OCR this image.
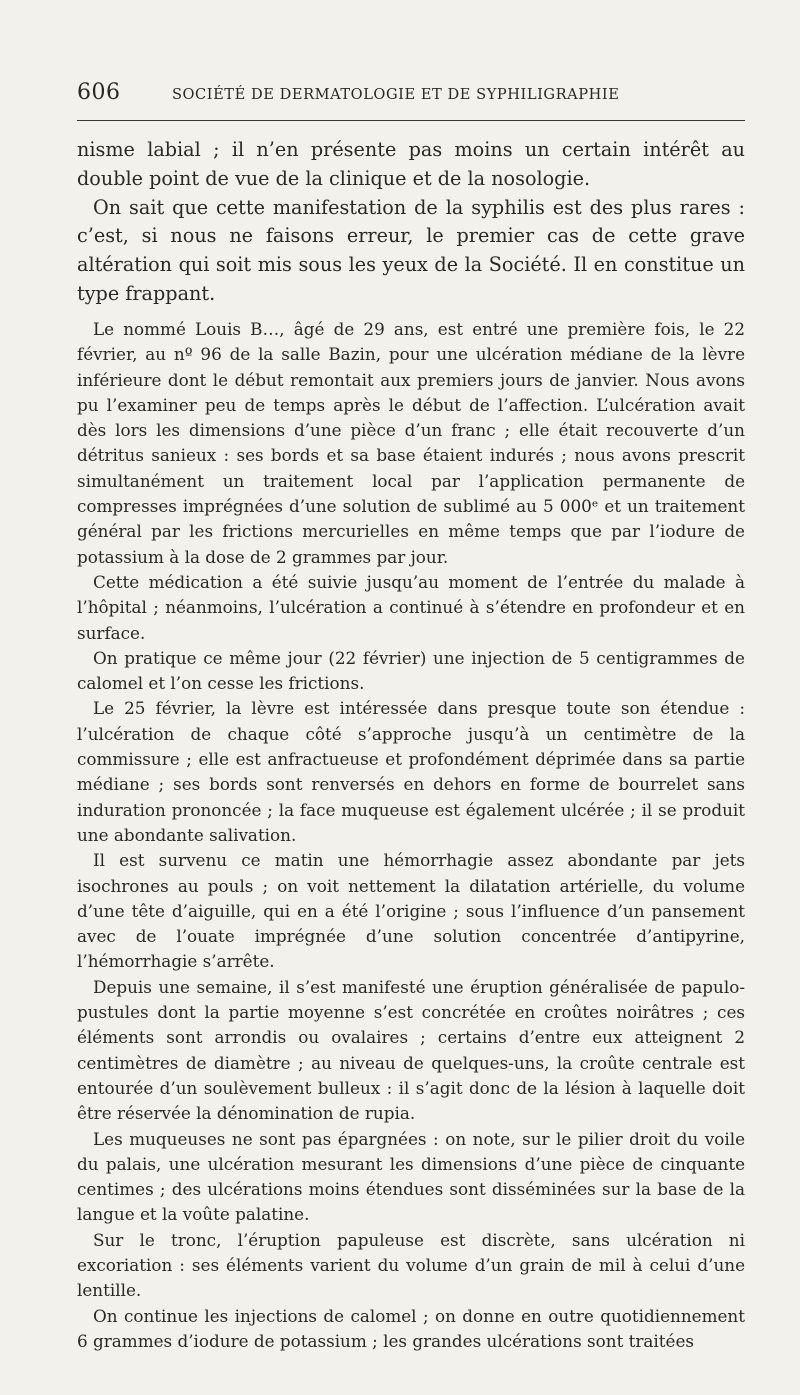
606	SOCIÉTÉ DE DERMATOLOGIE ET DE SYPHILIGRAPHIE

nisme labial ; il n’en présente pas moins un certain intérêt au double point de vue de la clinique et de la nosologie.

On sait que cette manifestation de la syphilis est des plus rares : c’est, si nous ne faisons erreur, le premier cas de cette grave altération qui soit mis sous les yeux de la Société. Il en constitue un type frappant.

Le nommé Louis B…, âgé de 29 ans, est entré une première fois, le 22 février, au nº 96 de la salle Bazin, pour une ulcération médiane de la lèvre inférieure dont le début remontait aux premiers jours de janvier. Nous avons pu l’examiner peu de temps après le début de l’affection. L’ulcération avait dès lors les dimensions d’une pièce d’un franc ; elle était recouverte d’un détritus sanieux : ses bords et sa base étaient indurés ; nous avons prescrit simultanément un traitement local par l’application permanente de compresses imprégnées d’une solution de sublimé au 5 000ᵉ et un traitement général par les frictions mercurielles en même temps que par l’iodure de potassium à la dose de 2 grammes par jour.

Cette médication a été suivie jusqu’au moment de l’entrée du malade à l’hôpital ; néanmoins, l’ulcération a continué à s’étendre en profondeur et en surface.

On pratique ce même jour (22 février) une injection de 5 centigrammes de calomel et l’on cesse les frictions.

Le 25 février, la lèvre est intéressée dans presque toute son étendue : l’ulcération de chaque côté s’approche jusqu’à un centimètre de la commissure ; elle est anfractueuse et profondément déprimée dans sa partie médiane ; ses bords sont renversés en dehors en forme de bourrelet sans induration prononcée ; la face muqueuse est également ulcérée ; il se produit une abondante salivation.

Il est survenu ce matin une hémorrhagie assez abondante par jets isochrones au pouls ; on voit nettement la dilatation artérielle, du volume d’une tête d’aiguille, qui en a été l’origine ; sous l’influence d’un pansement avec de l’ouate imprégnée d’une solution concentrée d’antipyrine, l’hémorrhagie s’arrête.

Depuis une semaine, il s’est manifesté une éruption généralisée de papulo-pustules dont la partie moyenne s’est concrétée en croûtes noirâtres ; ces éléments sont arrondis ou ovalaires ; certains d’entre eux atteignent 2 centimètres de diamètre ; au niveau de quelques-uns, la croûte centrale est entourée d’un soulèvement bulleux : il s’agit donc de la lésion à laquelle doit être réservée la dénomination de rupia.

Les muqueuses ne sont pas épargnées : on note, sur le pilier droit du voile du palais, une ulcération mesurant les dimensions d’une pièce de cinquante centimes ; des ulcérations moins étendues sont disséminées sur la base de la langue et la voûte palatine.

Sur le tronc, l’éruption papuleuse est discrète, sans ulcération ni excoriation : ses éléments varient du volume d’un grain de mil à celui d’une lentille.

On continue les injections de calomel ; on donne en outre quotidiennement 6 grammes d’iodure de potassium ; les grandes ulcérations sont traitées
